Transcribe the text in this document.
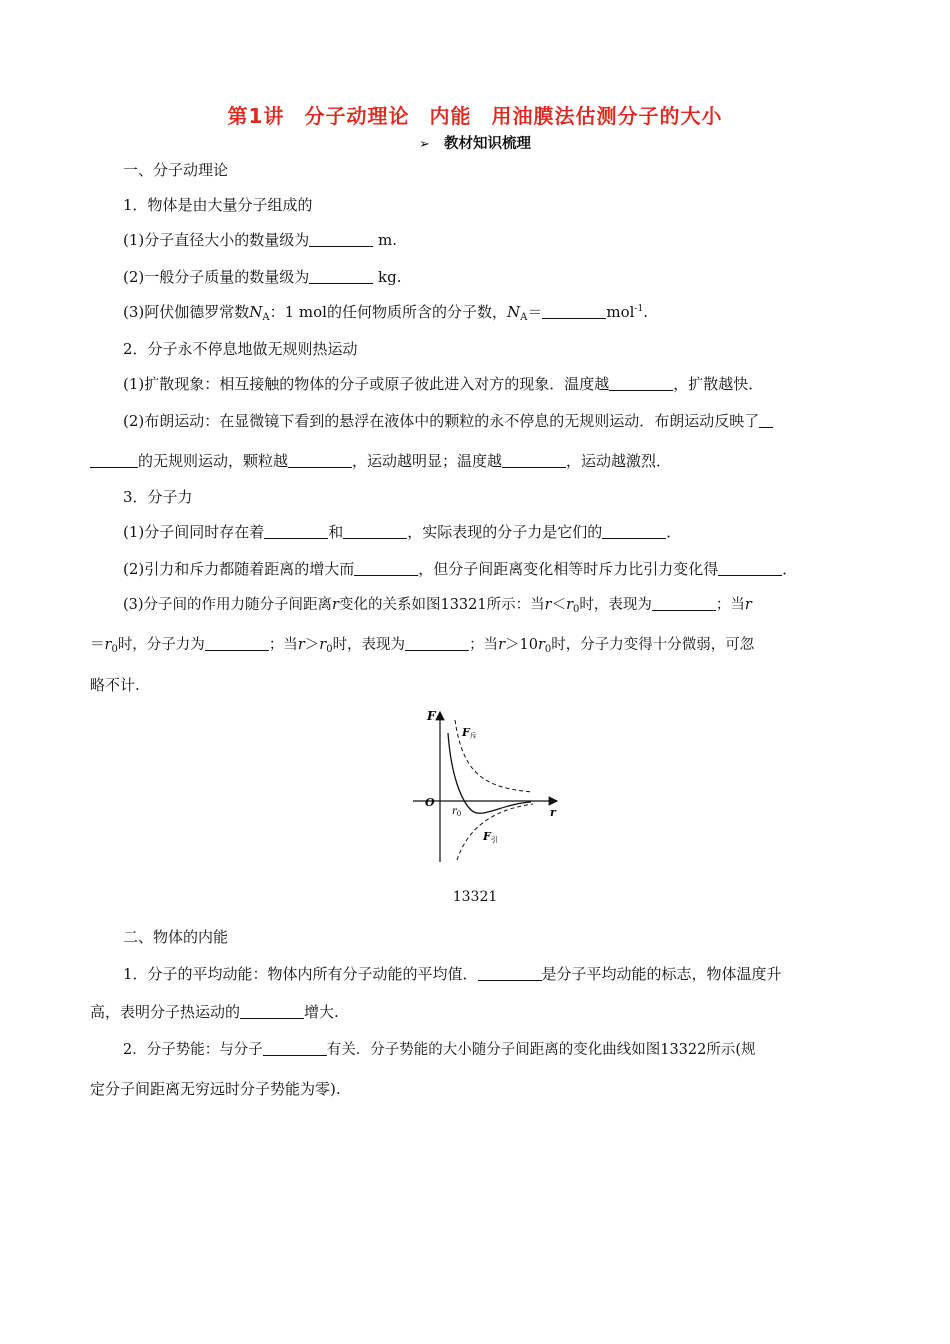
第1讲 分子动理论 内能 用油膜法估测分子的大小
➢ 教材知识梳理
一、分子动理论
1．物体是由大量分子组成的
(1)分子直径大小的数量级为	m.
(2)一般分子质量的数量级为	kg.
(3)阿伏伽德罗常数$N_A$：1 mol的任何物质所含的分子数，$N_A=$	mol$^{-1}$.
2．分子永不停息地做无规则热运动
(1)扩散现象：相互接触的物体的分子或原子彼此进入对方的现象．温度越	，扩散越快．
(2)布朗运动：在显微镜下看到的悬浮在液体中的颗粒的永不停息的无规则运动．布朗运动反映了
的无规则运动，颗粒越	，运动越明显；温度越	，运动越激烈．
3．分子力
(1)分子间同时存在着	和	，实际表现的分子力是它们的	．
(2)引力和斥力都随着距离的增大而	，但分子间距离变化相等时斥力比引力变化得	．
(3)分子间的作用力随分子间距离r变化的关系如图13321所示：当$r<r_0$时，表现为	；当r
$=r_0$时，分子力为	；当$r>r_0$时，表现为	；当$r>10r_0$时，分子力变得十分微弱，可忽
略不计.
F
O
r
$r_0$
F斥
F引
13321
二、物体的内能
1．分子的平均动能：物体内所有分子动能的平均值．	是分子平均动能的标志，物体温度升
高，表明分子热运动的	增大.
2．分子势能：与分子	有关．分子势能的大小随分子间距离的变化曲线如图13322所示(规
定分子间距离无穷远时分子势能为零).
